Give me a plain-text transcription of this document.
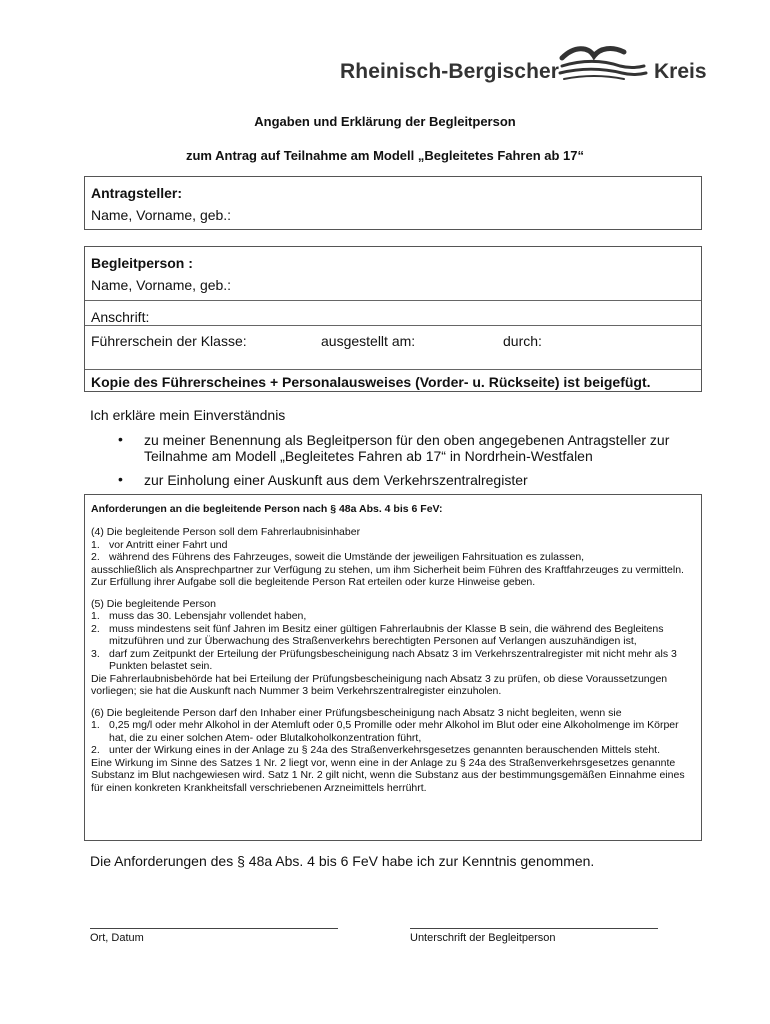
Rheinisch-Bergischer	Kreis
Angaben und Erklärung der Begleitperson
zum Antrag auf Teilnahme am Modell „Begleitetes Fahren ab 17“
Antragsteller:
Name, Vorname, geb.:
Begleitperson :
Name, Vorname, geb.:
Anschrift:
Führerschein der Klasse:	ausgestellt am:	durch:
Kopie des Führerscheines + Personalausweises (Vorder- u. Rückseite) ist beigefügt.
Ich erkläre mein Einverständnis
• zu meiner Benennung als Begleitperson für den oben angegebenen Antragsteller zur
Teilnahme am Modell „Begleitetes Fahren ab 17“ in Nordrhein-Westfalen
• zur Einholung einer Auskunft aus dem Verkehrszentralregister
Anforderungen an die begleitende Person nach § 48a Abs. 4 bis 6 FeV:

(4) Die begleitende Person soll dem Fahrerlaubnisinhaber

1. vor Antritt einer Fahrt und

2. während des Führens des Fahrzeuges, soweit die Umstände der jeweiligen Fahrsituation es zulassen,

ausschließlich als Ansprechpartner zur Verfügung zu stehen, um ihm Sicherheit beim Führen des Kraftfahrzeuges zu vermitteln. Zur Erfüllung ihrer Aufgabe soll die begleitende Person Rat erteilen oder kurze Hinweise geben.

(5) Die begleitende Person

1. muss das 30. Lebensjahr vollendet haben,

2. muss mindestens seit fünf Jahren im Besitz einer gültigen Fahrerlaubnis der Klasse B sein, die während des Begleitens mitzuführen und zur Überwachung des Straßenverkehrs berechtigten Personen auf Verlangen auszuhändigen ist,

3. darf zum Zeitpunkt der Erteilung der Prüfungsbescheinigung nach Absatz 3 im Verkehrszentralregister mit nicht mehr als 3 Punkten belastet sein.

Die Fahrerlaubnisbehörde hat bei Erteilung der Prüfungsbescheinigung nach Absatz 3 zu prüfen, ob diese Voraussetzungen vorliegen; sie hat die Auskunft nach Nummer 3 beim Verkehrszentralregister einzuholen.

(6) Die begleitende Person darf den Inhaber einer Prüfungsbescheinigung nach Absatz 3 nicht begleiten, wenn sie

1. 0,25 mg/l oder mehr Alkohol in der Atemluft oder 0,5 Promille oder mehr Alkohol im Blut oder eine Alkoholmenge im Körper hat, die zu einer solchen Atem- oder Blutalkoholkonzentration führt,

2. unter der Wirkung eines in der Anlage zu § 24a des Straßenverkehrsgesetzes genannten berauschenden Mittels steht.

Eine Wirkung im Sinne des Satzes 1 Nr. 2 liegt vor, wenn eine in der Anlage zu § 24a des Straßenverkehrsgesetzes genannte Substanz im Blut nachgewiesen wird. Satz 1 Nr. 2 gilt nicht, wenn die Substanz aus der bestimmungsgemäßen Einnahme eines für einen konkreten Krankheitsfall verschriebenen Arzneimittels herrührt.

Die Anforderungen des § 48a Abs. 4 bis 6 FeV habe ich zur Kenntnis genommen.
Ort, Datum	Unterschrift der Begleitperson
